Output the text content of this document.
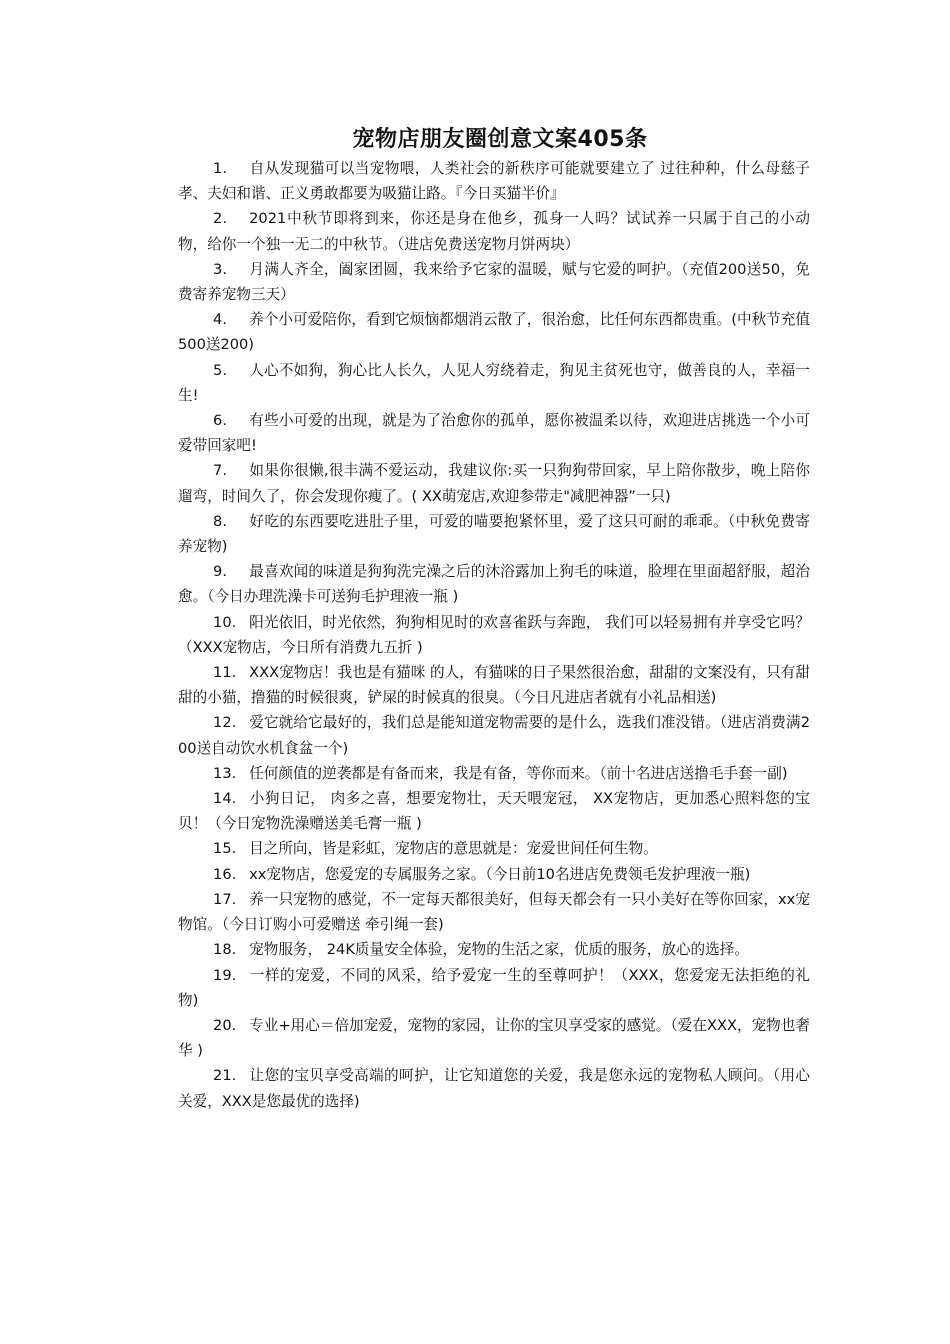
宠物店朋友圈创意文案405条
1. 自从发现猫可以当宠物喂，人类社会的新秩序可能就要建立了 过往种种，什么母慈子孝、夫妇和谐、正义勇敢都要为吸猫让路。『今日买猫半价』
2. 2021中秋节即将到来，你还是身在他乡，孤身一人吗？试试养一只属于自己的小动物，给你一个独一无二的中秋节。（进店免费送宠物月饼两块）
3. 月满人齐全，阖家团圆，我来给予它家的温暖，赋与它爱的呵护。（充值200送50，免费寄养宠物三天）
4. 养个小可爱陪你，看到它烦恼都烟消云散了，很治愈，比任何东西都贵重。(中秋节充值500送200)
5. 人心不如狗，狗心比人长久，人见人穷绕着走，狗见主贫死也守，做善良的人，幸福一生!
6. 有些小可爱的出现，就是为了治愈你的孤单，愿你被温柔以待，欢迎进店挑选一个小可爱带回家吧!
7. 如果你很懒,很丰满不爱运动，我建议你:买一只狗狗带回家，早上陪你散步，晚上陪你遛弯，时间久了，你会发现你瘦了。( XX萌宠店,欢迎参带走"减肥神器”一只)
8. 好吃的东西要吃进肚子里，可爱的喵要抱紧怀里，爱了这只可耐的乖乖。（中秋免费寄养宠物)
9. 最喜欢闻的味道是狗狗洗完澡之后的沐浴露加上狗毛的味道，脸埋在里面超舒服，超治愈。（今日办理洗澡卡可送狗毛护理液一瓶 )
10. 阳光依旧，时光依然，狗狗相见时的欢喜雀跃与奔跑， 我们可以轻易拥有并享受它吗？（XXX宠物店，今日所有消费九五折 )
11. XXX宠物店！我也是有猫咪 的人，有猫咪的日子果然很治愈，甜甜的文案没有，只有甜甜的小猫，撸猫的时候很爽，铲屎的时候真的很臭。（今日凡进店者就有小礼品相送)
12. 爱它就给它最好的，我们总是能知道宠物需要的是什么，选我们准没错。（进店消费满200送自动饮水机食盆一个)
13. 任何颜值的逆袭都是有备而来，我是有备，等你而来。（前十名进店送撸毛手套一副)
14. 小狗日记， 肉多之喜，想要宠物壮，天天喂宠冠， XX宠物店，更加悉心照料您的宝贝！（今日宠物洗澡赠送美毛膏一瓶 )
15. 目之所向，皆是彩虹，宠物店的意思就是：宠爱世间任何生物。
16. xx宠物店，您爱宠的专属服务之家。（今日前10名进店免费领毛发护理液一瓶)
17. 养一只宠物的感觉，不一定每天都很美好，但每天都会有一只小美好在等你回家，xx宠物馆。（今日订购小可爱赠送 牵引绳一套)
18. 宠物服务， 24K质量安全体验，宠物的生活之家，优质的服务，放心的选择。
19. 一样的宠爱，不同的风采，给予爱宠一生的至尊呵护！（XXX，您爱宠无法拒绝的礼物)
20. 专业+用心＝倍加宠爱，宠物的家园，让你的宝贝享受家的感觉。（爱在XXX，宠物也奢华 )
21. 让您的宝贝享受高端的呵护，让它知道您的关爱，我是您永远的宠物私人顾问。（用心关爱，XXX是您最优的选择)
